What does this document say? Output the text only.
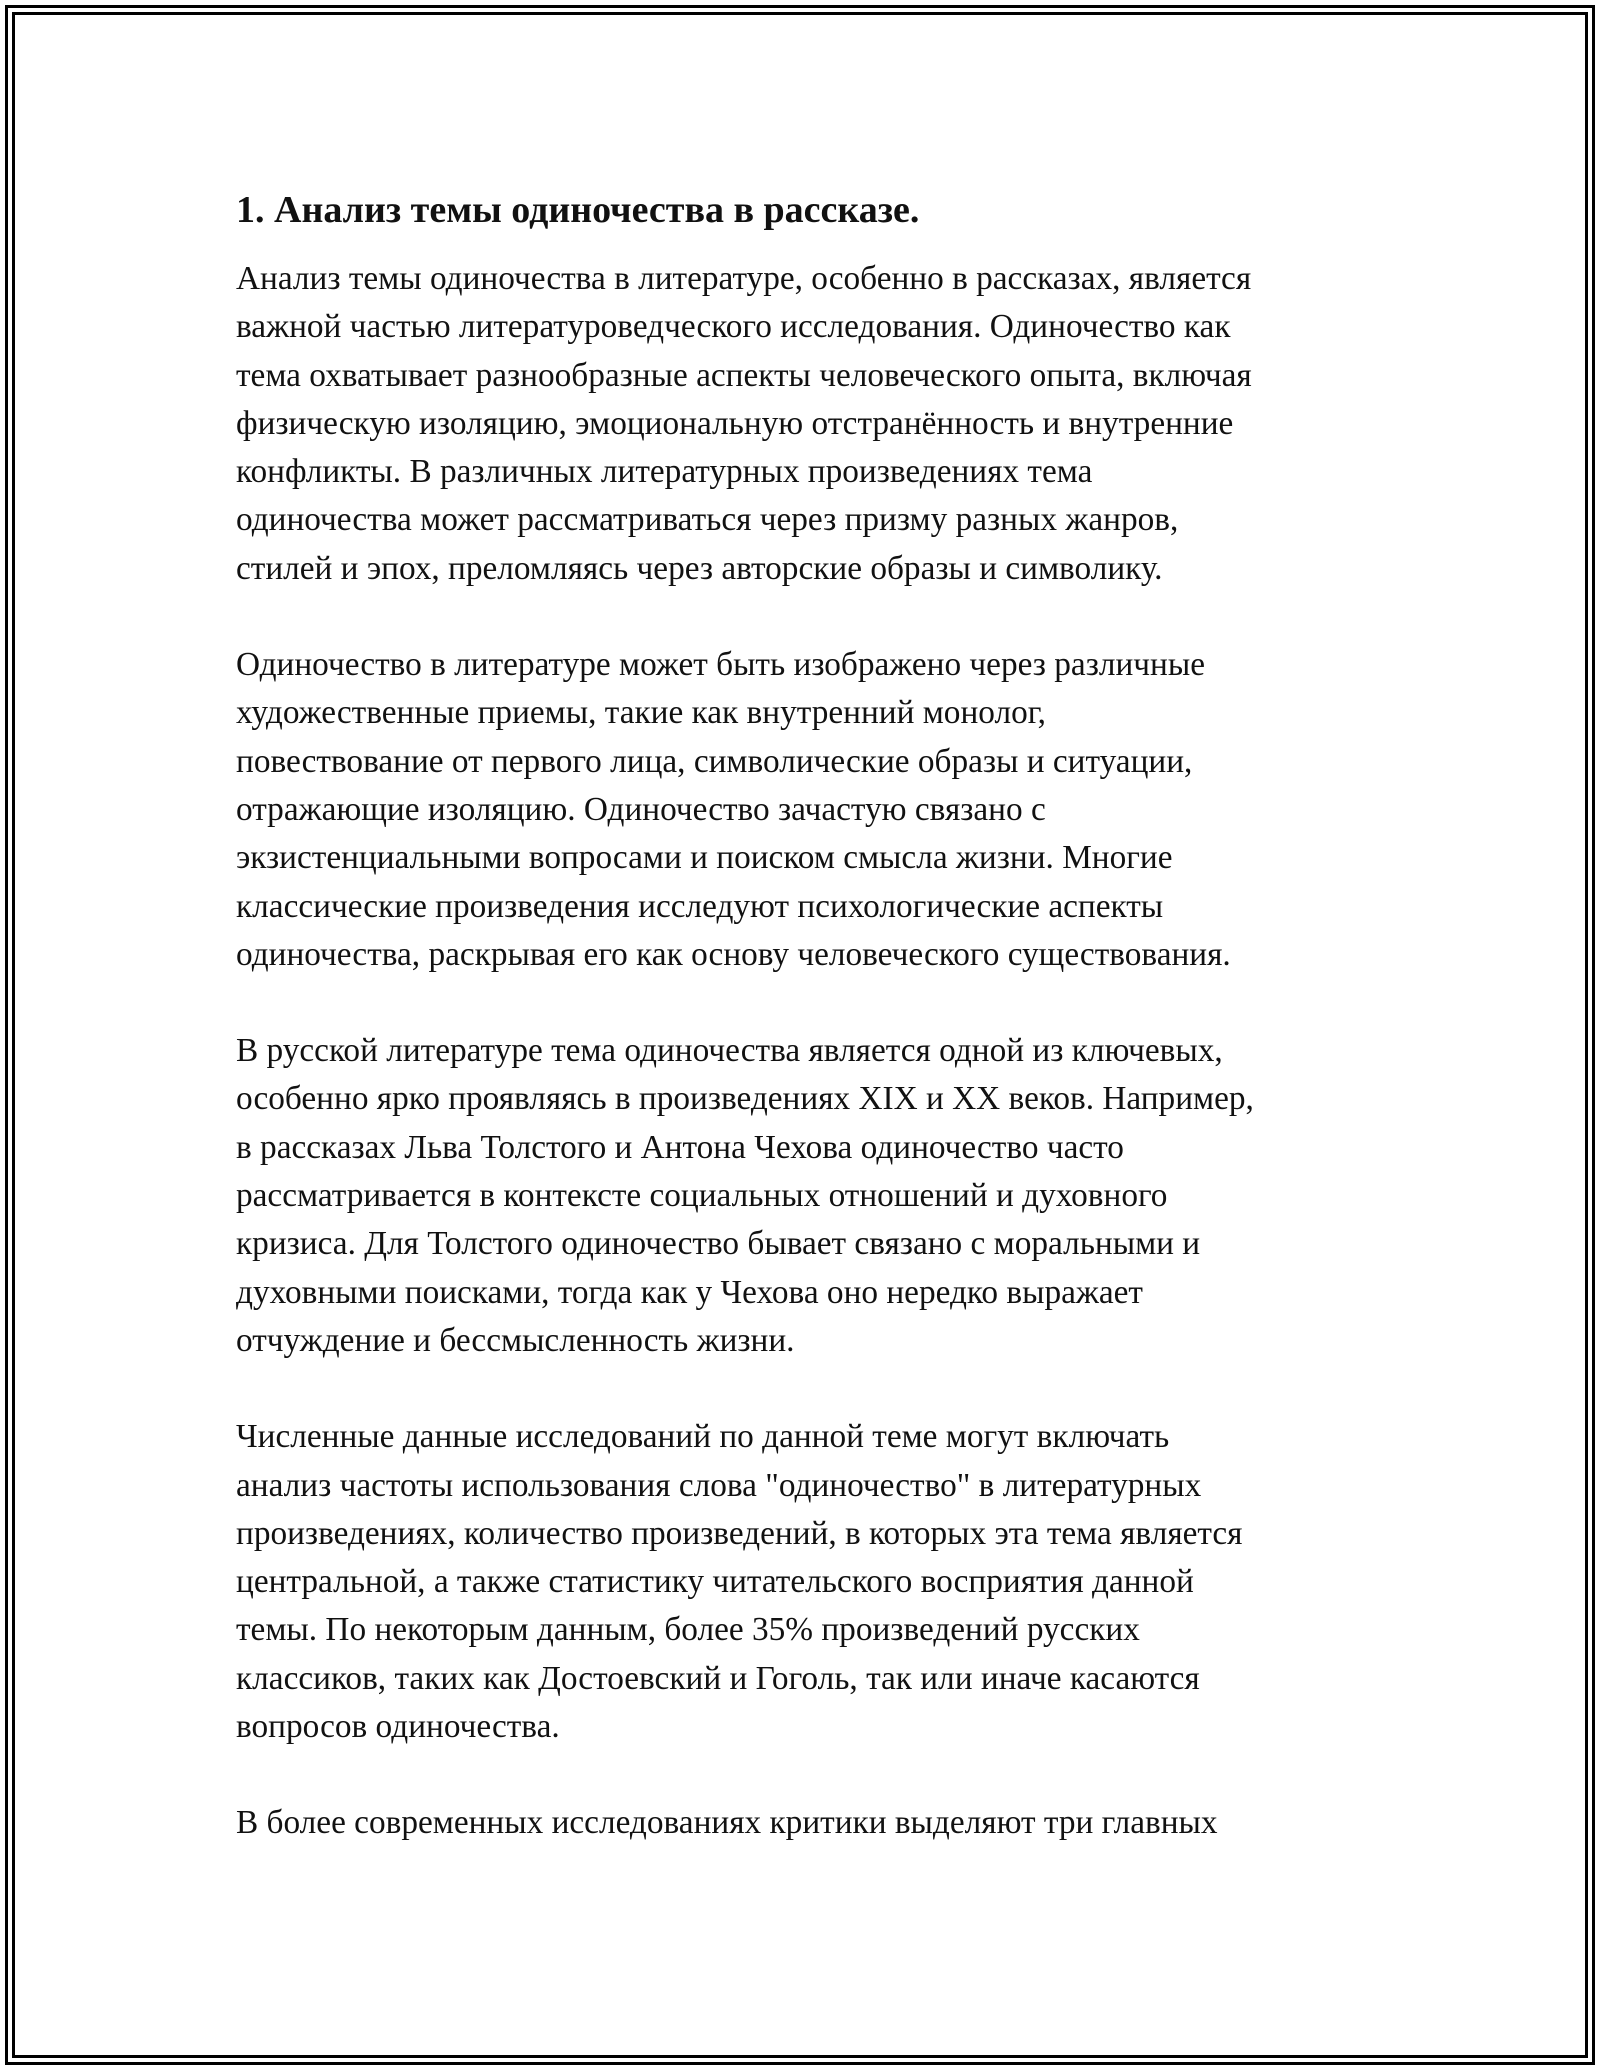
1. Анализ темы одиночества в рассказе.
Анализ темы одиночества в литературе, особенно в рассказах, является
важной частью литературоведческого исследования. Одиночество как
тема охватывает разнообразные аспекты человеческого опыта, включая
физическую изоляцию, эмоциональную отстранённость и внутренние
конфликты. В различных литературных произведениях тема
одиночества может рассматриваться через призму разных жанров,
стилей и эпох, преломляясь через авторские образы и символику.
Одиночество в литературе может быть изображено через различные
художественные приемы, такие как внутренний монолог,
повествование от первого лица, символические образы и ситуации,
отражающие изоляцию. Одиночество зачастую связано с
экзистенциальными вопросами и поиском смысла жизни. Многие
классические произведения исследуют психологические аспекты
одиночества, раскрывая его как основу человеческого существования.
В русской литературе тема одиночества является одной из ключевых,
особенно ярко проявляясь в произведениях XIX и XX веков. Например,
в рассказах Льва Толстого и Антона Чехова одиночество часто
рассматривается в контексте социальных отношений и духовного
кризиса. Для Толстого одиночество бывает связано с моральными и
духовными поисками, тогда как у Чехова оно нередко выражает
отчуждение и бессмысленность жизни.
Численные данные исследований по данной теме могут включать
анализ частоты использования слова "одиночество" в литературных
произведениях, количество произведений, в которых эта тема является
центральной, а также статистику читательского восприятия данной
темы. По некоторым данным, более 35% произведений русских
классиков, таких как Достоевский и Гоголь, так или иначе касаются
вопросов одиночества.
В более современных исследованиях критики выделяют три главных
